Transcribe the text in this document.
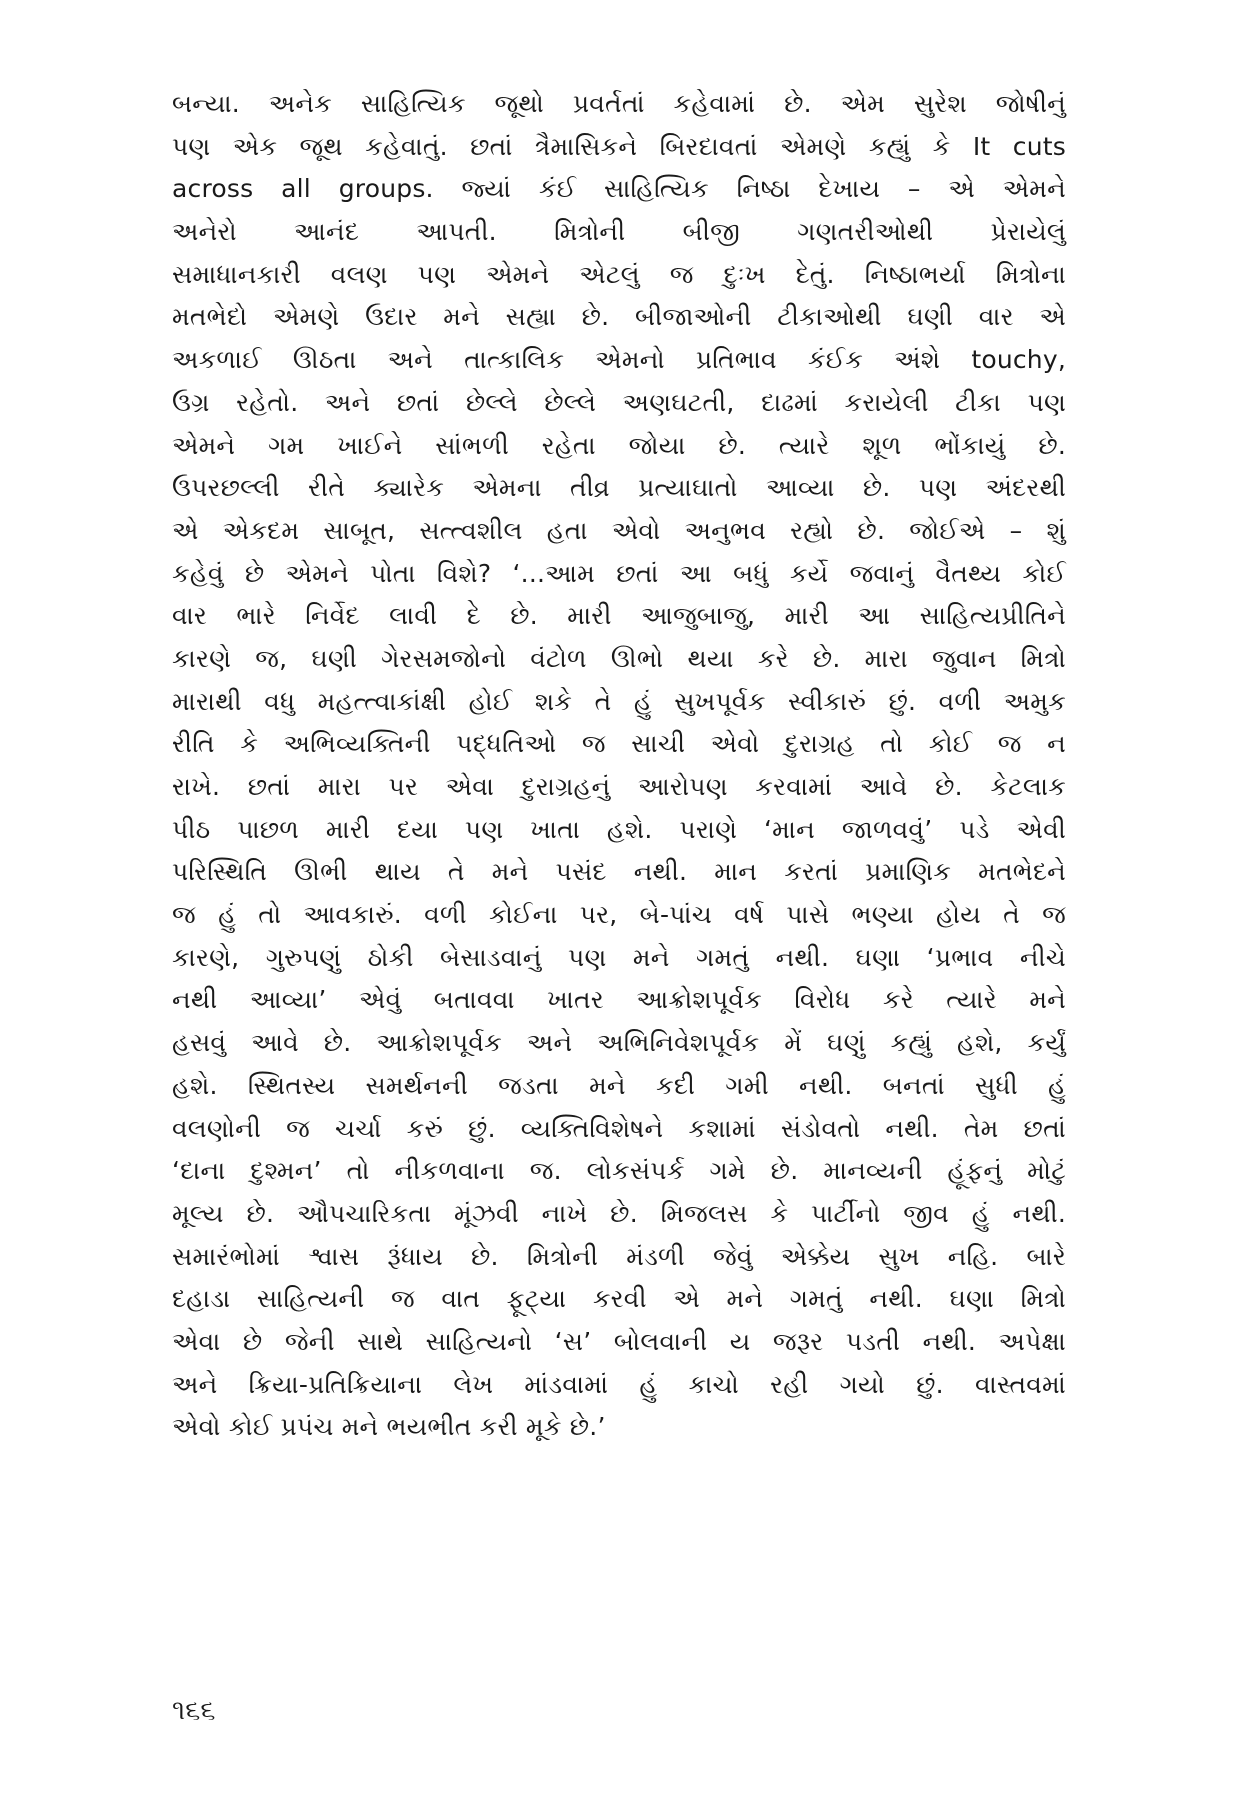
બન્યા. અનેક સાહિત્યિક જૂથો પ્રવર્તતાં કહેવામાં છે. એમ સુરેશ જોષીનું
પણ એક જૂથ કહેવાતું. છતાં ત્રૈમાસિકને બિરદાવતાં એમણે કહ્યું કે It cuts
across all groups. જ્યાં કંઈ સાહિત્યિક નિષ્ઠા દેખાય – એ એમને
અનેરો આનંદ આપતી. મિત્રોની બીજી ગણતરીઓથી પ્રેરાયેલું
સમાધાનકારી વલણ પણ એમને એટલું જ દુઃખ દેતું. નિષ્ઠાભર્યા મિત્રોના
મતભેદો એમણે ઉદાર મને સહ્યા છે. બીજાઓની ટીકાઓથી ઘણી વાર એ
અકળાઈ ઊઠતા અને તાત્કાલિક એમનો પ્રતિભાવ કંઈક અંશે touchy,
ઉગ્ર રહેતો. અને છતાં છેલ્લે છેલ્લે અણઘટતી, દાઢમાં કરાયેલી ટીકા પણ
એમને ગમ ખાઈને સાંભળી રહેતા જોયા છે. ત્યારે શૂળ ભોંકાયું છે.
ઉપરછલ્લી રીતે ક્યારેક એમના તીવ્ર પ્રત્યાઘાતો આવ્યા છે. પણ અંદરથી
એ એકદમ સાબૂત, સત્ત્વશીલ હતા એવો અનુભવ રહ્યો છે. જોઈએ – શું
કહેવું છે એમને પોતા વિશે? ‘...આમ છતાં આ બધું કર્યે જવાનું વૈતથ્ય કોઈ
વાર ભારે નિર્વેદ લાવી દે છે. મારી આજુબાજુ, મારી આ સાહિત્યપ્રીતિને
કારણે જ, ઘણી ગેરસમજોનો વંટોળ ઊભો થયા કરે છે. મારા જુવાન મિત્રો
મારાથી વધુ મહત્ત્વાકાંક્ષી હોઈ શકે તે હું સુખપૂર્વક સ્વીકારું છું. વળી અમુક
રીતિ કે અભિવ્યક્તિની પદ્ધતિઓ જ સાચી એવો દુરાગ્રહ તો કોઈ જ ન
રાખે. છતાં મારા પર એવા દુરાગ્રહનું આરોપણ કરવામાં આવે છે. કેટલાક
પીઠ પાછળ મારી દયા પણ ખાતા હશે. પરાણે ‘માન જાળવવું’ પડે એવી
પરિસ્થિતિ ઊભી થાય તે મને પસંદ નથી. માન કરતાં પ્રમાણિક મતભેદને
જ હું તો આવકારું. વળી કોઈના પર, બે-પાંચ વર્ષ પાસે ભણ્યા હોય તે જ
કારણે, ગુરુપણું ઠોકી બેસાડવાનું પણ મને ગમતું નથી. ઘણા ‘પ્રભાવ નીચે
નથી આવ્યા’ એવું બતાવવા ખાતર આક્રોશપૂર્વક વિરોધ કરે ત્યારે મને
હસવું આવે છે. આક્રોશપૂર્વક અને અભિનિવેશપૂર્વક મેં ઘણું કહ્યું હશે, કર્યું
હશે. સ્થિતસ્ય સમર્થનની જડતા મને કદી ગમી નથી. બનતાં સુધી હું
વલણોની જ ચર્ચા કરું છું. વ્યક્તિવિશેષને કશામાં સંડોવતો નથી. તેમ છતાં
‘દાના દુશ્મન’ તો નીકળવાના જ. લોકસંપર્ક ગમે છે. માનવ્યની હૂંફનું મોટું
મૂલ્ય છે. ઔપચારિકતા મૂંઝવી નાખે છે. મિજલસ કે પાર્ટીનો જીવ હું નથી.
સમારંભોમાં શ્વાસ રૂંધાય છે. મિત્રોની મંડળી જેવું એક્કેય સુખ નહિ. બારે
દહાડા સાહિત્યની જ વાત ફૂટ્યા કરવી એ મને ગમતું નથી. ઘણા મિત્રો
એવા છે જેની સાથે સાહિત્યનો ‘સ’ બોલવાની ય જરૂર પડતી નથી. અપેક્ષા
અને ક્રિયા-પ્રતિક્રિયાના લેખ માંડવામાં હું કાચો રહી ગયો છું. વાસ્તવમાં
એવો કોઈ પ્રપંચ મને ભયભીત કરી મૂકે છે.’
૧૬૬
